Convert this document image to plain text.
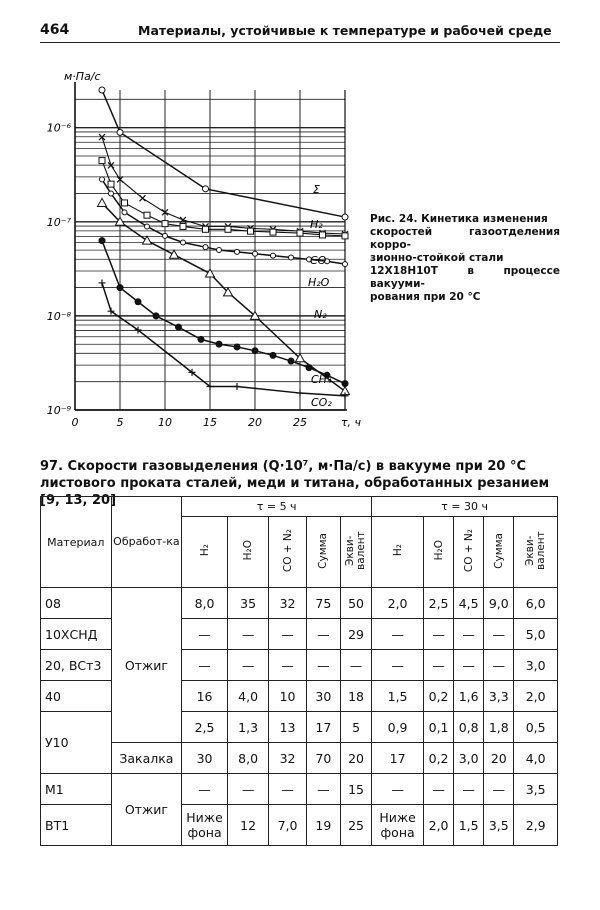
464	Материалы, устойчивые к температуре и рабочей среде
м·Па/с
10⁻⁶
10⁻⁷
10⁻⁸
10⁻⁹
0	5	10	15	20	25	τ, ч
Σ
H₂
CO
H₂O
N₂
CH₄
CO₂
Рис. 24. Кинетика изменения
скоростей газоотделения корро-
зионно-стойкой стали
12Х18Н10Т в процессе вакууми-
рования при 20 °С
97. Скорости газовыделения (Q·10⁷, м·Па/с) в вакууме при 20 °С
листового проката сталей, меди и титана, обработанных резанием [9, 13, 20]
Материал	Обработ-ка	τ = 5 ч					τ = 30 ч				
		H₂	H₂O	CO + N₂	Сумма	Экви-валент	H₂	H₂O	CO + N₂	Сумма	Экви-валент
08	Отжиг	8,0	35	32	75	50	2,0	2,5	4,5	9,0	6,0
10ХСНД		—	—	—	—	29	—	—	—	—	5,0
20, ВСт3		—	—	—	—	—	—	—	—	—	3,0
40		16	4,0	10	30	18	1,5	0,2	1,6	3,3	2,0
У10		2,5	1,3	13	17	5	0,9	0,1	0,8	1,8	0,5
	Закалка	30	8,0	32	70	20	17	0,2	3,0	20	4,0
М1	Отжиг	—	—	—	—	15	—	—	—	—	3,5
ВТ1		Ниже фона	12	7,0	19	25	Ниже фона	2,0	1,5	3,5	2,9
